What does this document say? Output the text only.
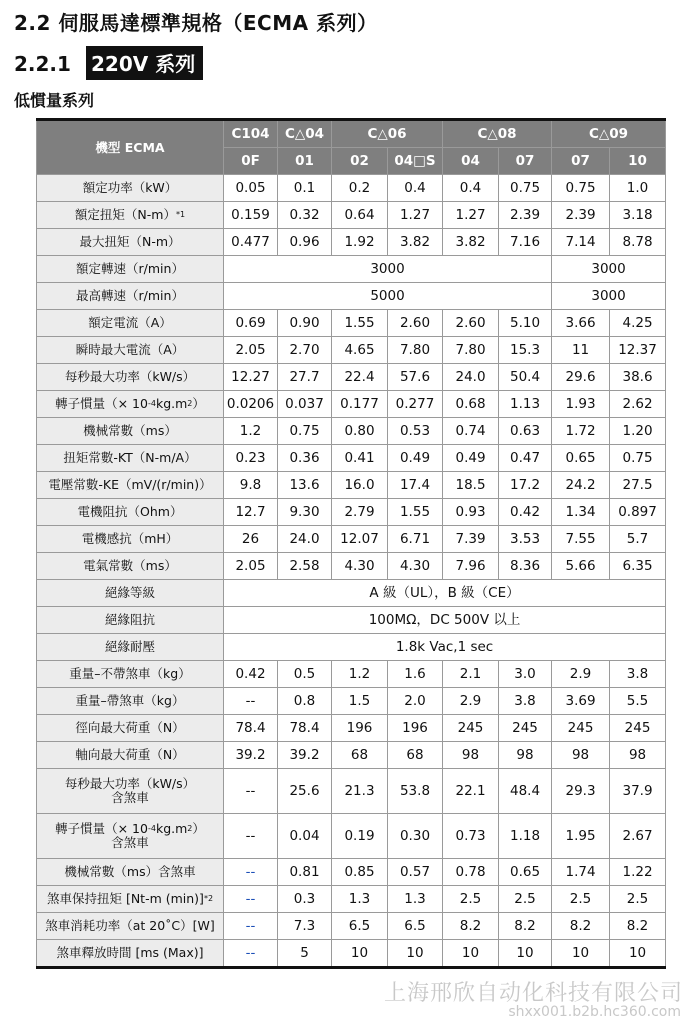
2.2 伺服馬達標準規格（ECMA 系列）
2.2.1 220V 系列
低慣量系列
機型 ECMA	C104	C△04	C△06		C△08		C△09	
	0F	01	02	04□S	04	07	07	10
額定功率（kW）	0.05	0.1	0.2	0.4	0.4	0.75	0.75	1.0
額定扭矩$(N-m)^{*1}$	0.159	0.32	0.64	1.27	1.27	2.39	2.39	3.18
最大扭矩（N-m）	0.477	0.96	1.92	3.82	3.82	7.16	7.14	8.78
額定轉速（r/min）	3000						3000	
最高轉速（r/min）	5000						3000	
額定電流（A）	0.69	0.90	1.55	2.60	2.60	5.10	3.66	4.25
瞬時最大電流（A）	2.05	2.70	4.65	7.80	7.80	15.3	11	12.37
每秒最大功率（kW/s）	12.27	27.7	22.4	57.6	24.0	50.4	29.6	38.6
轉子慣量（× $10^{-4}kg.m^2$）	0.0206	0.037	0.177	0.277	0.68	1.13	1.93	2.62
機械常數（ms）	1.2	0.75	0.80	0.53	0.74	0.63	1.72	1.20
扭矩常數-KT（N-m/A）	0.23	0.36	0.41	0.49	0.49	0.47	0.65	0.75
電壓常數-KE（mV/(r/min)）	9.8	13.6	16.0	17.4	18.5	17.2	24.2	27.5
電機阻抗（Ohm）	12.7	9.30	2.79	1.55	0.93	0.42	1.34	0.897
電機感抗（mH）	26	24.0	12.07	6.71	7.39	3.53	7.55	5.7
電氣常數（ms）	2.05	2.58	4.30	4.30	7.96	8.36	5.66	6.35
絕緣等級	A 級（UL），B 級（CE）							
絕緣阻抗	100MΩ，DC 500V 以上							
絕緣耐壓	1.8k Vac,1 sec							
重量–不帶煞車（kg）	0.42	0.5	1.2	1.6	2.1	3.0	2.9	3.8
重量–帶煞車（kg）	--	0.8	1.5	2.0	2.9	3.8	3.69	5.5
徑向最大荷重（N）	78.4	78.4	196	196	245	245	245	245
軸向最大荷重（N）	39.2	39.2	68	68	98	98	98	98
每秒最大功率（kW/s）
含煞車	--	25.6	21.3	53.8	22.1	48.4	29.3	37.9
轉子慣量（× $10^{-4}kg.m^2$）
含煞車	--	0.04	0.19	0.30	0.73	1.18	1.95	2.67
機械常數（ms）含煞車	--	0.81	0.85	0.57	0.78	0.65	1.74	1.22
煞車保持扭矩 [Nt-m (min)]$^{*2}$	--	0.3	1.3	1.3	2.5	2.5	2.5	2.5
煞車消耗功率（at 20˚C）[W]	--	7.3	6.5	6.5	8.2	8.2	8.2	8.2
煞車釋放時間 [ms (Max)]	--	5	10	10	10	10	10	10
上海邢欣自动化科技有限公司
shxx001.b2b.hc360.com
